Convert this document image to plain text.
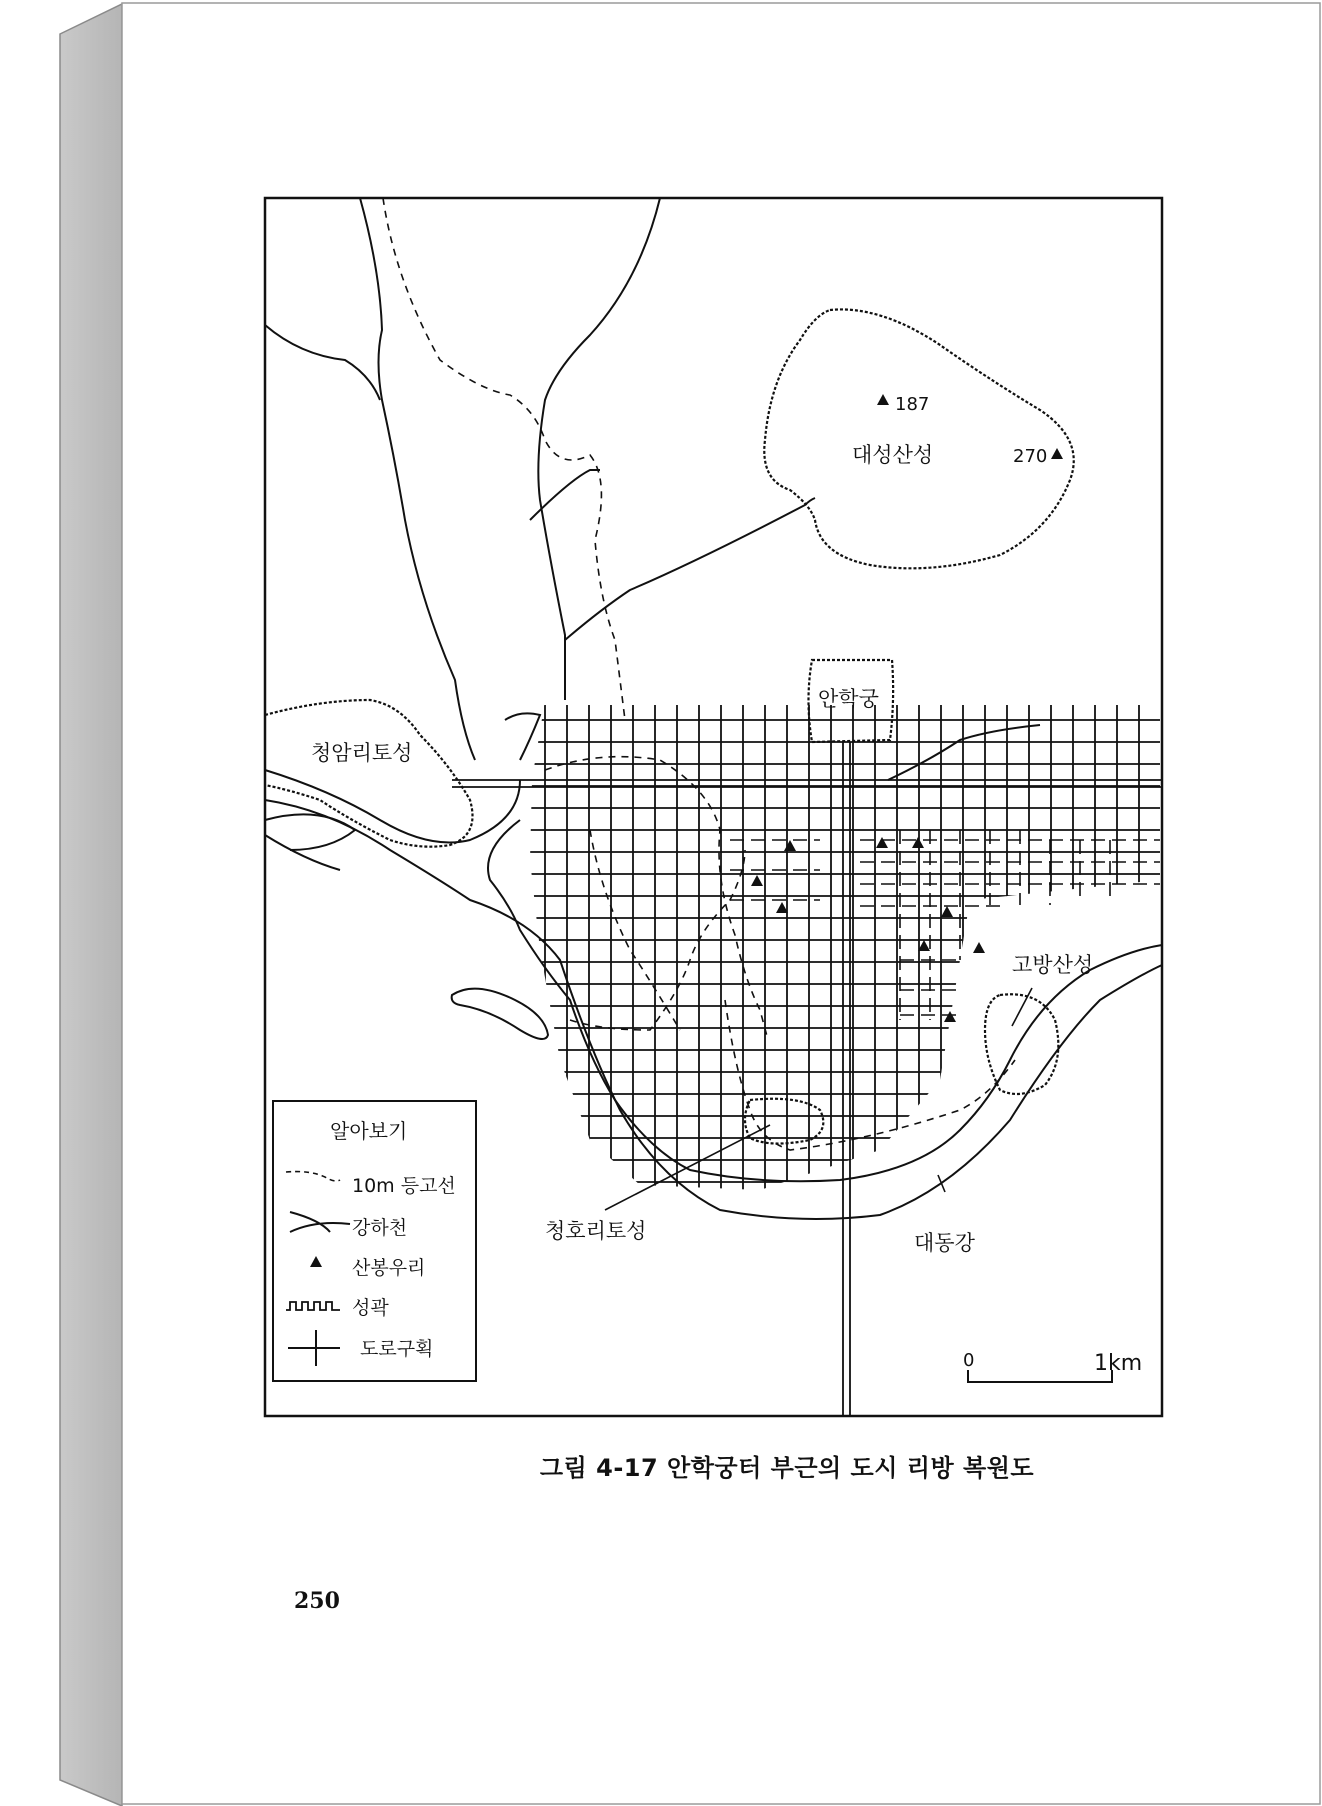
187
270
대성산성
안학궁
청암리토성
고방산성
청호리토성	대동강
알아보기
10m 등고선
강하천
산봉우리
성곽
도로구획
0	1km
그림 4-17 안학궁터 부근의 도시 리방 복원도
250
